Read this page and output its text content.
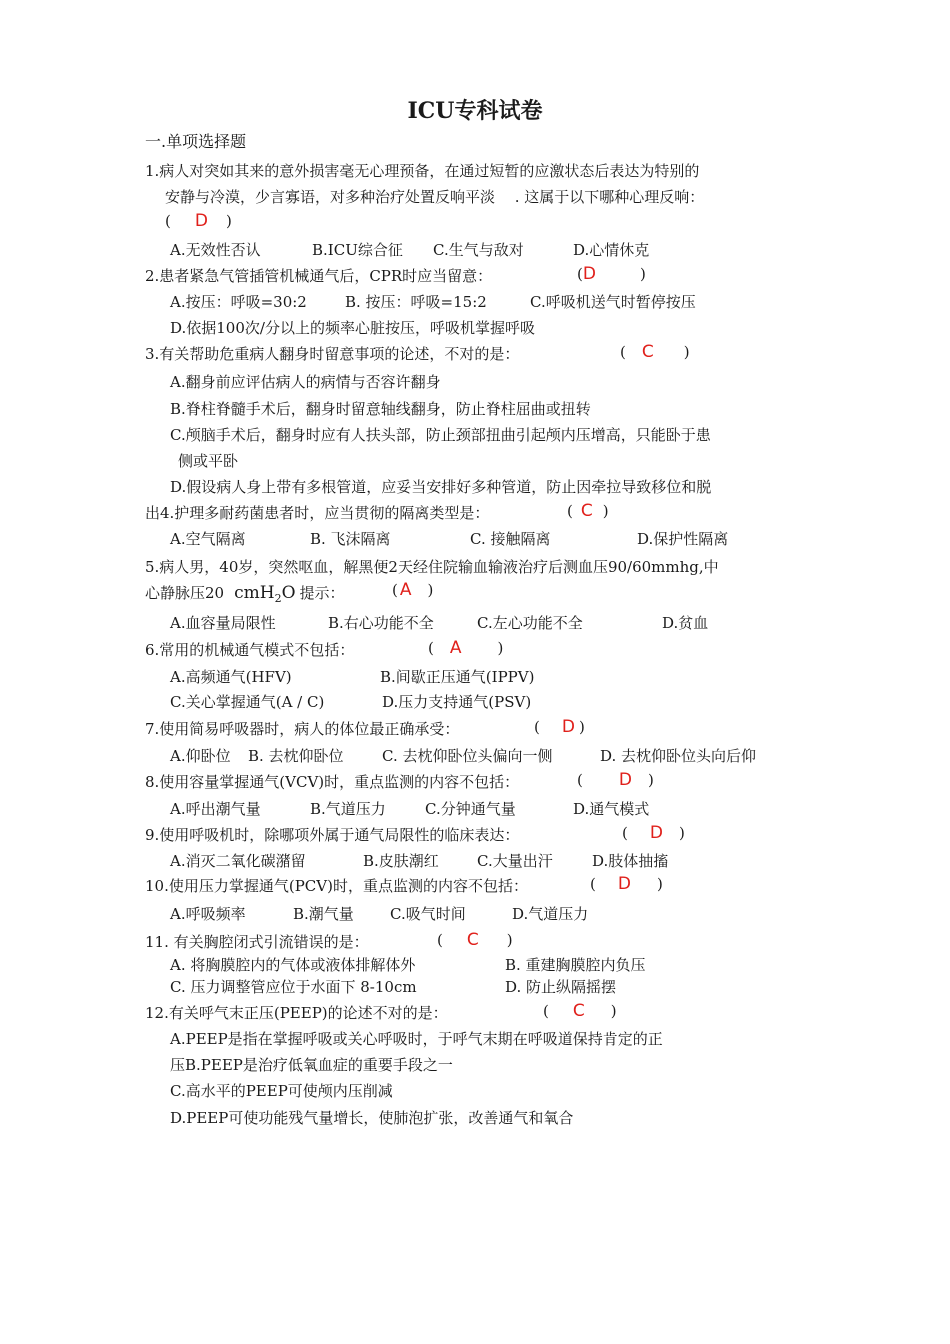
ICU专科试卷
一.单项选择题
1.病人对突如其来的意外损害毫无心理预备，在通过短暂的应激状态后表达为特别的
安静与冷漠，少言寡语，对多种治疗处置反响平淡　 . 这属于以下哪种心理反响：
( D )
A.无效性否认	B.ICU综合征 C.生气与敌对	D.心情休克
2.患者紧急气管插管机械通气后，CPR时应当留意：	(D	)
A.按压：呼吸=30:2	B. 按压：呼吸=15:2	C.呼吸机送气时暂停按压
D.依据100次/分以上的频率心脏按压，呼吸机掌握呼吸
3.有关帮助危重病人翻身时留意事项的论述，不对的是：	( C )
A.翻身前应评估病人的病情与否容许翻身
B.脊柱脊髓手术后，翻身时留意轴线翻身，防止脊柱屈曲或扭转
C.颅脑手术后，翻身时应有人扶头部，防止颈部扭曲引起颅内压增高，只能卧于患
侧或平卧
D.假设病人身上带有多根管道，应妥当安排好多种管道，防止因牵拉导致移位和脱
出4.护理多耐药菌患者时，应当贯彻的隔离类型是：	( C )
A.空气隔离	B. 飞沫隔离	C. 接触隔离	D.保护性隔离
5.病人男，40岁，突然呕血，解黑便2天经住院输血输液治疗后测血压90/60mmhg,中
心静脉压20 cmH$_2$O 提示：	( A )
A.血容量局限性	B.右心功能不全	C.左心功能不全	D.贫血
6.常用的机械通气模式不包括：	( A )
A.高频通气(HFV)	B.间歇正压通气(IPPV)
C.关心掌握通气(A / C)	D.压力支持通气(PSV)
7.使用简易呼吸器时，病人的体位最正确承受：	( D )
A.仰卧位 B. 去枕仰卧位	C. 去枕仰卧位头偏向一侧	D. 去枕仰卧位头向后仰
8.使用容量掌握通气(VCV)时，重点监测的内容不包括：	( D )
A.呼出潮气量	B.气道压力	C.分钟通气量	D.通气模式
9.使用呼吸机时，除哪项外属于通气局限性的临床表达：	( D )
A.消灭二氧化碳潴留	B.皮肤潮红	C.大量出汗	D.肢体抽搐
10.使用压力掌握通气(PCV)时，重点监测的内容不包括：	( D )
A.呼吸频率	B.潮气量 C.吸气时间	D.气道压力
11. 有关胸腔闭式引流错误的是：	( C )
A. 将胸膜腔内的气体或液体排解体外	B. 重建胸膜腔内负压
C. 压力调整管应位于水面下 8-10cm	D. 防止纵隔摇摆
12.有关呼气末正压(PEEP)的论述不对的是：	( C )
A.PEEP是指在掌握呼吸或关心呼吸时，于呼气末期在呼吸道保持肯定的正
压B.PEEP是治疗低氧血症的重要手段之一
C.高水平的PEEP可使颅内压削减
D.PEEP可使功能残气量增长，使肺泡扩张，改善通气和氧合
